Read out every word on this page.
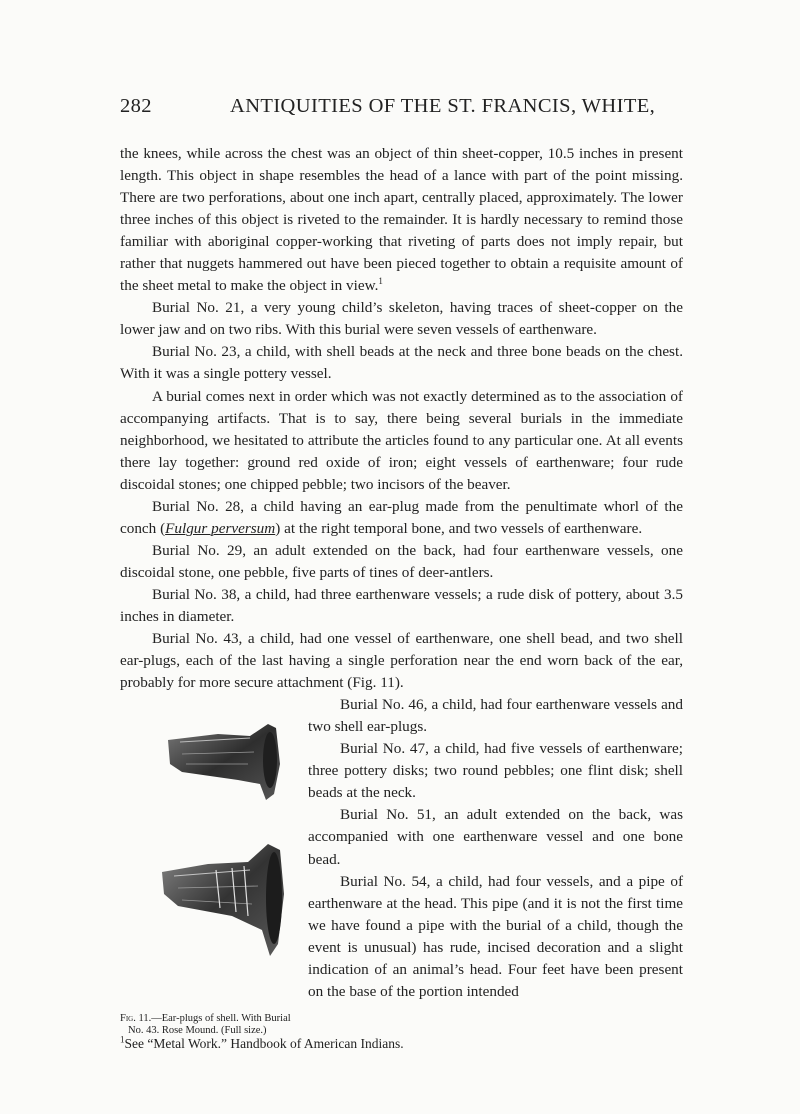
282	ANTIQUITIES OF THE ST. FRANCIS, WHITE,

the knees, while across the chest was an object of thin sheet-copper, 10.5 inches in present length. This object in shape resembles the head of a lance with part of the point missing. There are two perforations, about one inch apart, centrally placed, approximately. The lower three inches of this object is riveted to the remainder. It is hardly necessary to remind those familiar with aboriginal copper-working that riveting of parts does not imply repair, but rather that nuggets hammered out have been pieced together to obtain a requisite amount of the sheet metal to make the object in view.$^1$

Burial No. 21, a very young child’s skeleton, having traces of sheet-copper on the lower jaw and on two ribs. With this burial were seven vessels of earthenware.

Burial No. 23, a child, with shell beads at the neck and three bone beads on the chest. With it was a single pottery vessel.

A burial comes next in order which was not exactly determined as to the association of accompanying artifacts. That is to say, there being several burials in the immediate neighborhood, we hesitated to attribute the articles found to any particular one. At all events there lay together: ground red oxide of iron; eight vessels of earthenware; four rude discoidal stones; one chipped pebble; two incisors of the beaver.

Burial No. 28, a child having an ear-plug made from the penultimate whorl of the conch (Fulgur perversum) at the right temporal bone, and two vessels of earthenware.

Burial No. 29, an adult extended on the back, had four earthenware vessels, one discoidal stone, one pebble, five parts of tines of deer-antlers.

Burial No. 38, a child, had three earthenware vessels; a rude disk of pottery, about 3.5 inches in diameter.

Burial No. 43, a child, had one vessel of earthenware, one shell bead, and two shell ear-plugs, each of the last having a single perforation near the end worn back of the ear, probably for more secure attachment (Fig. 11).

Fig. 11.—Ear-plugs of shell. With Burial No. 43. Rose Mound. (Full size.)

Burial No. 46, a child, had four earthenware vessels and two shell ear-plugs.

Burial No. 47, a child, had five vessels of earthenware; three pottery disks; two round pebbles; one flint disk; shell beads at the neck.

Burial No. 51, an adult extended on the back, was accompanied with one earthenware vessel and one bone bead.

Burial No. 54, a child, had four vessels, and a pipe of earthenware at the head. This pipe (and it is not the first time we have found a pipe with the burial of a child, though the event is unusual) has rude, incised decoration and a slight indication of an animal’s head. Four feet have been present on the base of the portion intended

$^1$See “Metal Work.” Handbook of American Indians.
